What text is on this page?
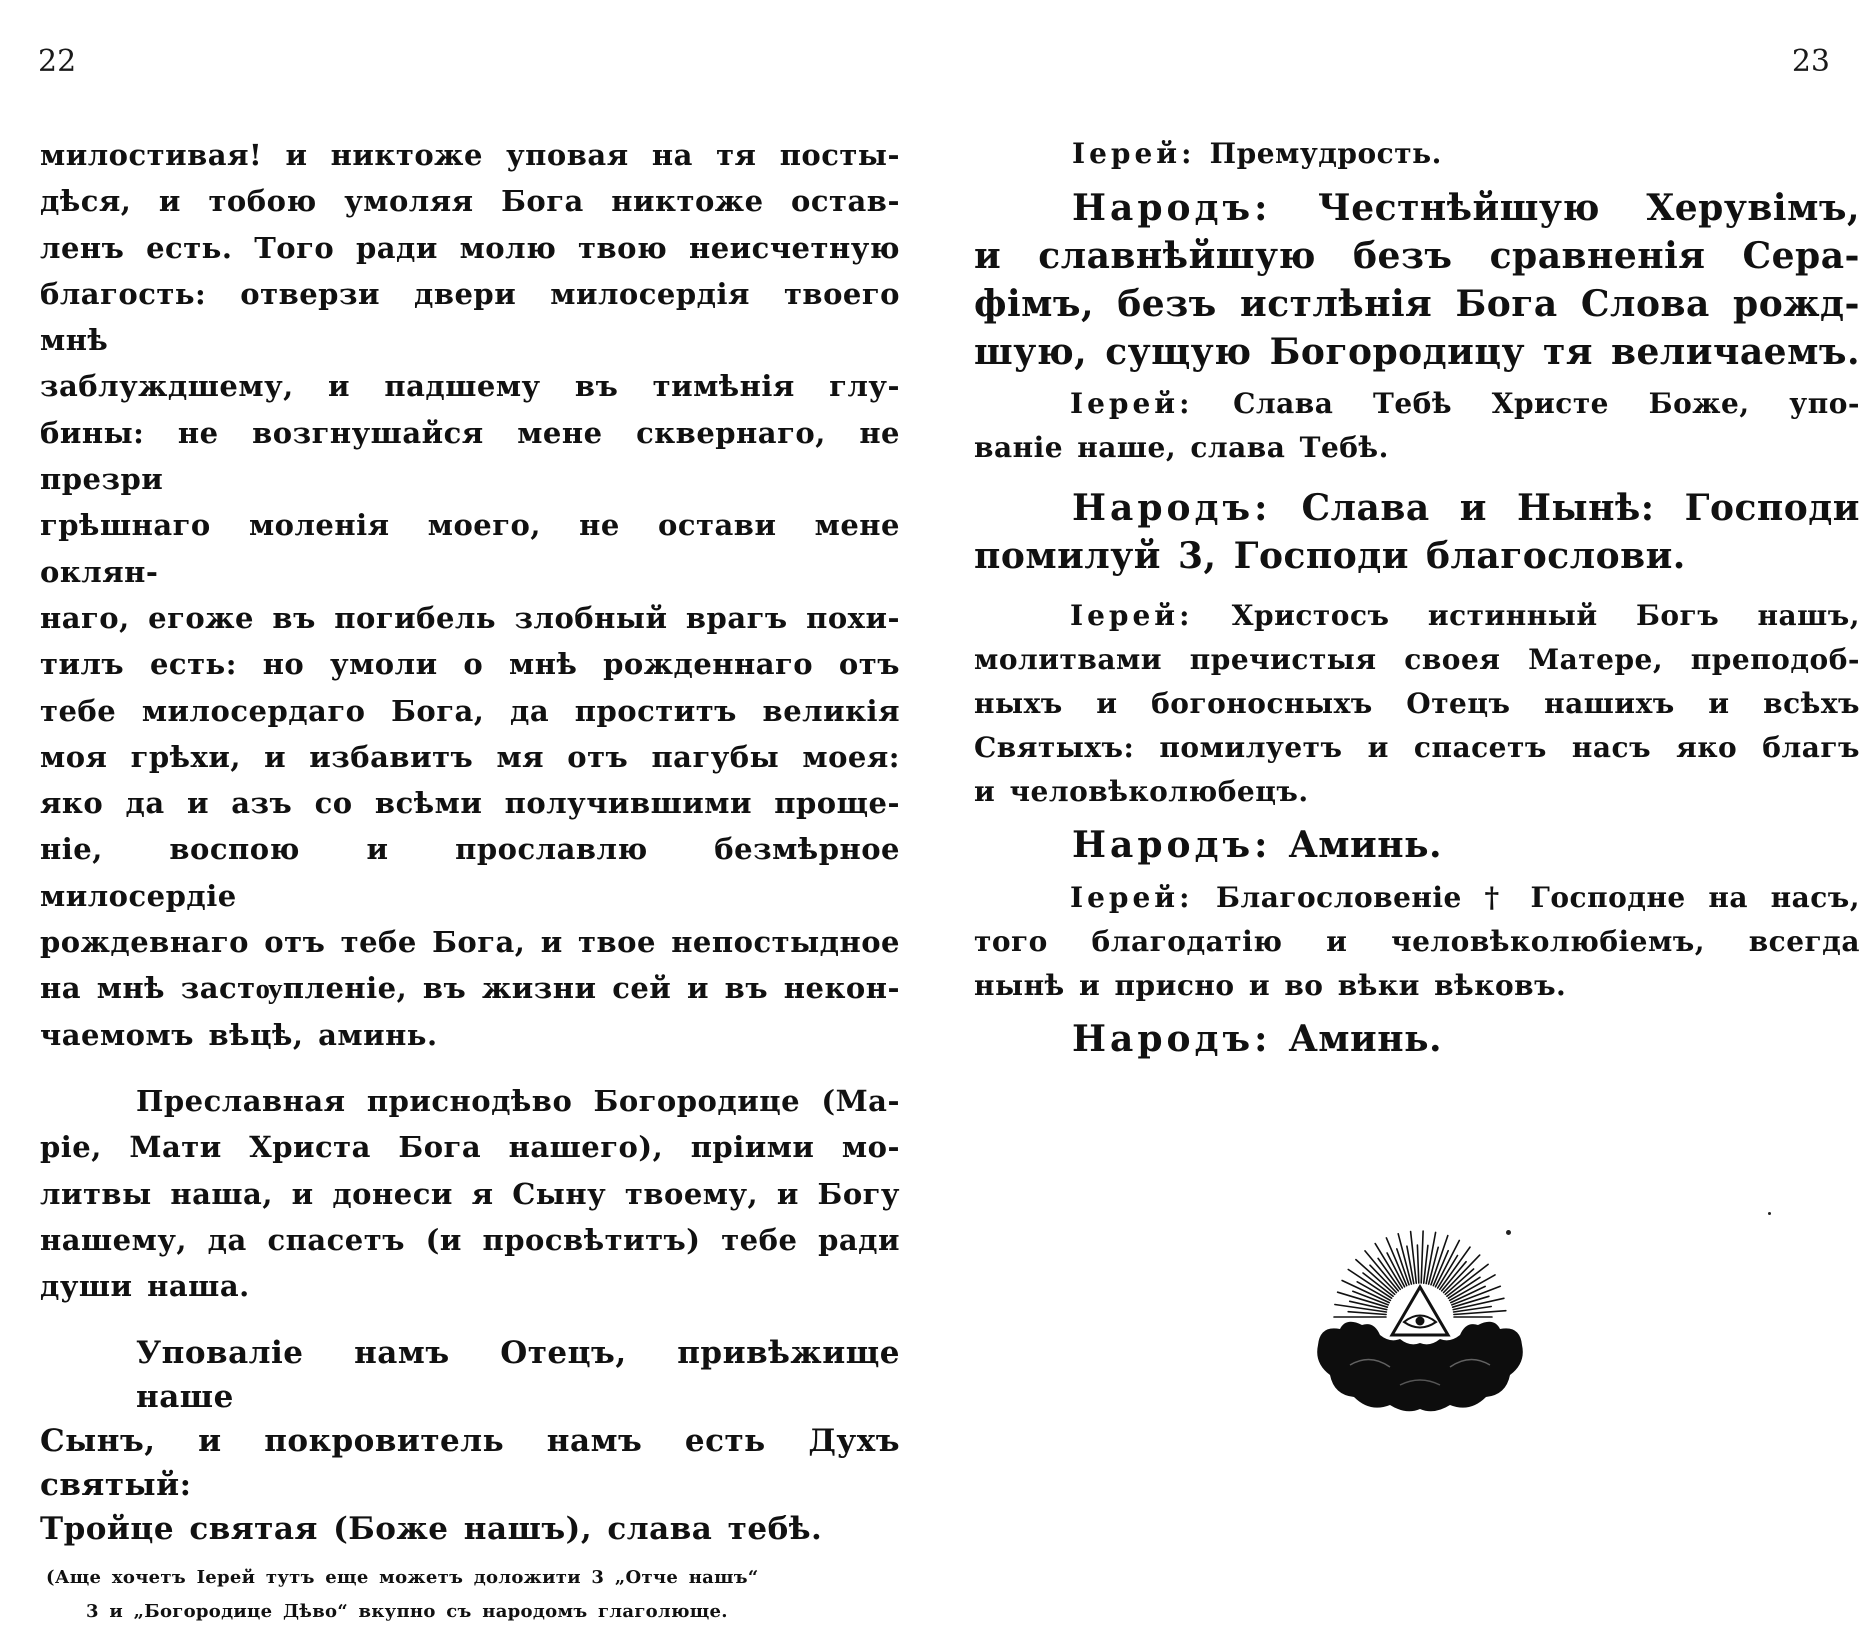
22

милостивая! и никтоже уповая на тя посты-
дѣся, и тобою умоляя Бога никтоже остав-
ленъ есть. Того ради молю твою неисчетную
благость: отверзи двери милосердія твоего мнѣ
заблуждшему, и падшему въ тимѣнія глу-
бины: не возгнушайся мене сквернаго, не презри
грѣшнаго моленія моего, не остави мене оклян-
наго, егоже въ погибель злобный врагъ похи-
тилъ есть: но умоли о мнѣ рожденнаго отъ
тебе милосердаго Бога, да проститъ великія
моя грѣхи, и избавитъ мя отъ пагубы моея:
яко да и азъ со всѣми получившими проще-
ніе, воспою и прославлю безмѣрное милосердіе
рождевнаго отъ тебе Бога, и твое непостыдное
на мнѣ застѹпленіе, въ жизни сей и въ некон-
чаемомъ вѣцѣ, аминь.

Преславная приснодѣво Богородице (Ма-
ріе, Мати Христа Бога нашего), пріими мо-
литвы наша, и донеси я Сыну твоему, и Богу
нашему, да спасетъ (и просвѣтитъ) тебе ради
души наша.

Уповаліе намъ Отецъ, привѣжище наше
Сынъ, и покровитель намъ есть Духъ святый:
Тройце святая (Боже нашъ), слава тебѣ.

(Аще хочетъ Іерей тутъ еще можетъ доложити 3 „Отче нашъ“
3 и „Богородице Дѣво“ вкупно съ народомъ глаголюще.
23
Іерей: Премудрость.
Народъ: Честнѣйшую Херувімъ,
и славнѣйшую безъ сравненія Сера-
фімъ, безъ истлѣнія Бога Слова рожд-
шую, сущую Богородицу тя величаемъ.
Іерей: Слава Тебѣ Христе Боже, упо-
ваніе наше, слава Тебѣ.
Народъ: Слава и Нынѣ: Господи
помилуй 3, Господи благослови.
Іерей: Христосъ истинный Богъ нашъ,
молитвами пречистыя своея Матере, преподоб-
ныхъ и богоносныхъ Отецъ нашихъ и всѣхъ
Святыхъ: помилуетъ и спасетъ насъ яко благъ
и человѣколюбецъ.
Народъ: Аминь.
Іерей: Благословеніе † Господне на насъ,
того благодатію и человѣколюбіемъ, всегда
нынѣ и присно и во вѣки вѣковъ.
Народъ: Аминь.
